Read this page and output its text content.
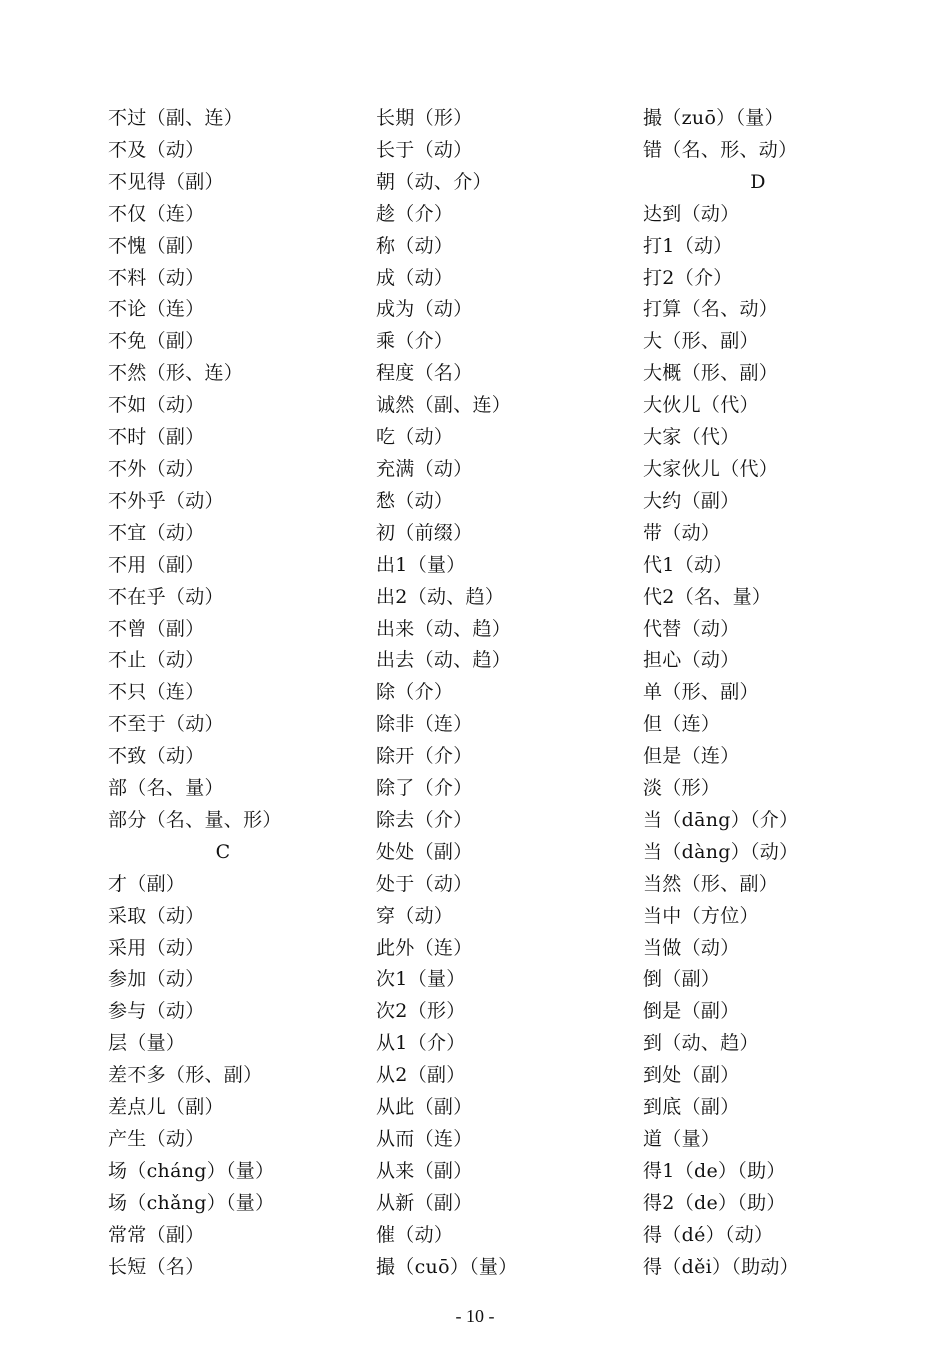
不过（副、连）
不及（动）
不见得（副）
不仅（连）
不愧（副）
不料（动）
不论（连）
不免（副）
不然（形、连）
不如（动）
不时（副）
不外（动）
不外乎（动）
不宜（动）
不用（副）
不在乎（动）
不曾（副）
不止（动）
不只（连）
不至于（动）
不致（动）
部（名、量）
部分（名、量、形）
C
才（副）
采取（动）
采用（动）
参加（动）
参与（动）
层（量）
差不多（形、副）
差点儿（副）
产生（动）
场（cháng）（量）
场（chǎng）（量）
常常（副）
长短（名）
长期（形）
长于（动）
朝（动、介）
趁（介）
称（动）
成（动）
成为（动）
乘（介）
程度（名）
诚然（副、连）
吃（动）
充满（动）
愁（动）
初（前缀）
出1（量）
出2（动、趋）
出来（动、趋）
出去（动、趋）
除（介）
除非（连）
除开（介）
除了（介）
除去（介）
处处（副）
处于（动）
穿（动）
此外（连）
次1（量）
次2（形）
从1（介）
从2（副）
从此（副）
从而（连）
从来（副）
从新（副）
催（动）
撮（cuō）（量）
撮（zuō）（量）
错（名、形、动）
D
达到（动）
打1（动）
打2（介）
打算（名、动）
大（形、副）
大概（形、副）
大伙儿（代）
大家（代）
大家伙儿（代）
大约（副）
带（动）
代1（动）
代2（名、量）
代替（动）
担心（动）
单（形、副）
但（连）
但是（连）
淡（形）
当（dāng）（介）
当（dàng）（动）
当然（形、副）
当中（方位）
当做（动）
倒（副）
倒是（副）
到（动、趋）
到处（副）
到底（副）
道（量）
得1（de）（助）
得2（de）（助）
得（dé）（动）
得（děi）（助动）
- 10 -
